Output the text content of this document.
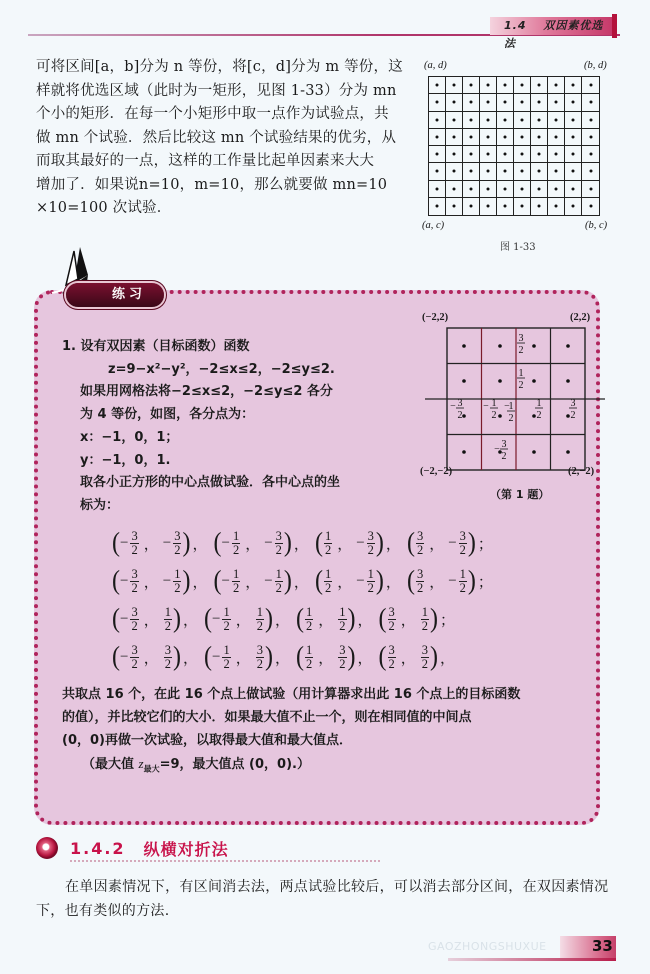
1.4 双因素优选法
可将区间[a，b]分为 n 等份，将[c，d]分为 m 等份，这
样就将优选区域（此时为一矩形，见图 1-33）分为 mn
个小的矩形．在每一个小矩形中取一点作为试验点，共
做 mn 个试验．然后比较这 mn 个试验结果的优劣，从
而取其最好的一点，这样的工作量比起单因素来大大
增加了．如果说n=10，m=10，那么就要做 mn=10
×10=100 次试验．
(a, d)	(b, d)
(a, c)	(b, c)
图 1-33
练习
1. 设有双因素（目标函数）函数
z=9−x²−y²，−2≤x≤2，−2≤y≤2.
如果用网格法将−2≤x≤2，−2≤y≤2 各分
为 4 等份，如图，各分点为：
x：−1，0，1；
y：−1，0，1.
取各小正方形的中心点做试验．各中心点的坐
标为：
(−2,2)	(2,2)
3
2
1
2
− 3
2
− 1
2
−
1
2
1
2
3
2
− 3
2
(−2,−2)	(2,−2)
（第 1 题）
( − $\frac{3}{2}$ ， − $\frac{3}{2}$ ) ， ( − $\frac{1}{2}$ ， − $\frac{3}{2}$ ) ， ( $\frac{1}{2}$ ， − $\frac{3}{2}$ ) ， ( $\frac{3}{2}$ ， − $\frac{3}{2}$ ) ；
( − $\frac{3}{2}$ ， − $\frac{1}{2}$ ) ， ( − $\frac{1}{2}$ ， − $\frac{1}{2}$ ) ， ( $\frac{1}{2}$ ， − $\frac{1}{2}$ ) ， ( $\frac{3}{2}$ ， − $\frac{1}{2}$ ) ；
( − $\frac{3}{2}$ ， $\frac{1}{2}$ ) ， ( − $\frac{1}{2}$ ， $\frac{1}{2}$ ) ， ( $\frac{1}{2}$ ， $\frac{1}{2}$ ) ， ( $\frac{3}{2}$ ， $\frac{1}{2}$ ) ；
( − $\frac{3}{2}$ ， $\frac{3}{2}$ ) ， ( − $\frac{1}{2}$ ， $\frac{3}{2}$ ) ， ( $\frac{1}{2}$ ， $\frac{3}{2}$ ) ， ( $\frac{3}{2}$ ， $\frac{3}{2}$ ) ，
共取点 16 个，在此 16 个点上做试验（用计算器求出此 16 个点上的目标函数
的值），并比较它们的大小．如果最大值不止一个，则在相同值的中间点
(0，0)再做一次试验，以取得最大值和最大值点．
（最大值 $z_{最大}=9$，最大值点 (0，0).）
1.4.2 纵横对折法

在单因素情况下，有区间消去法，两点试验比较后，可以消去部分区间，在双因素情况下，也有类似的方法.

GAOZHONGSHUXUE	33
